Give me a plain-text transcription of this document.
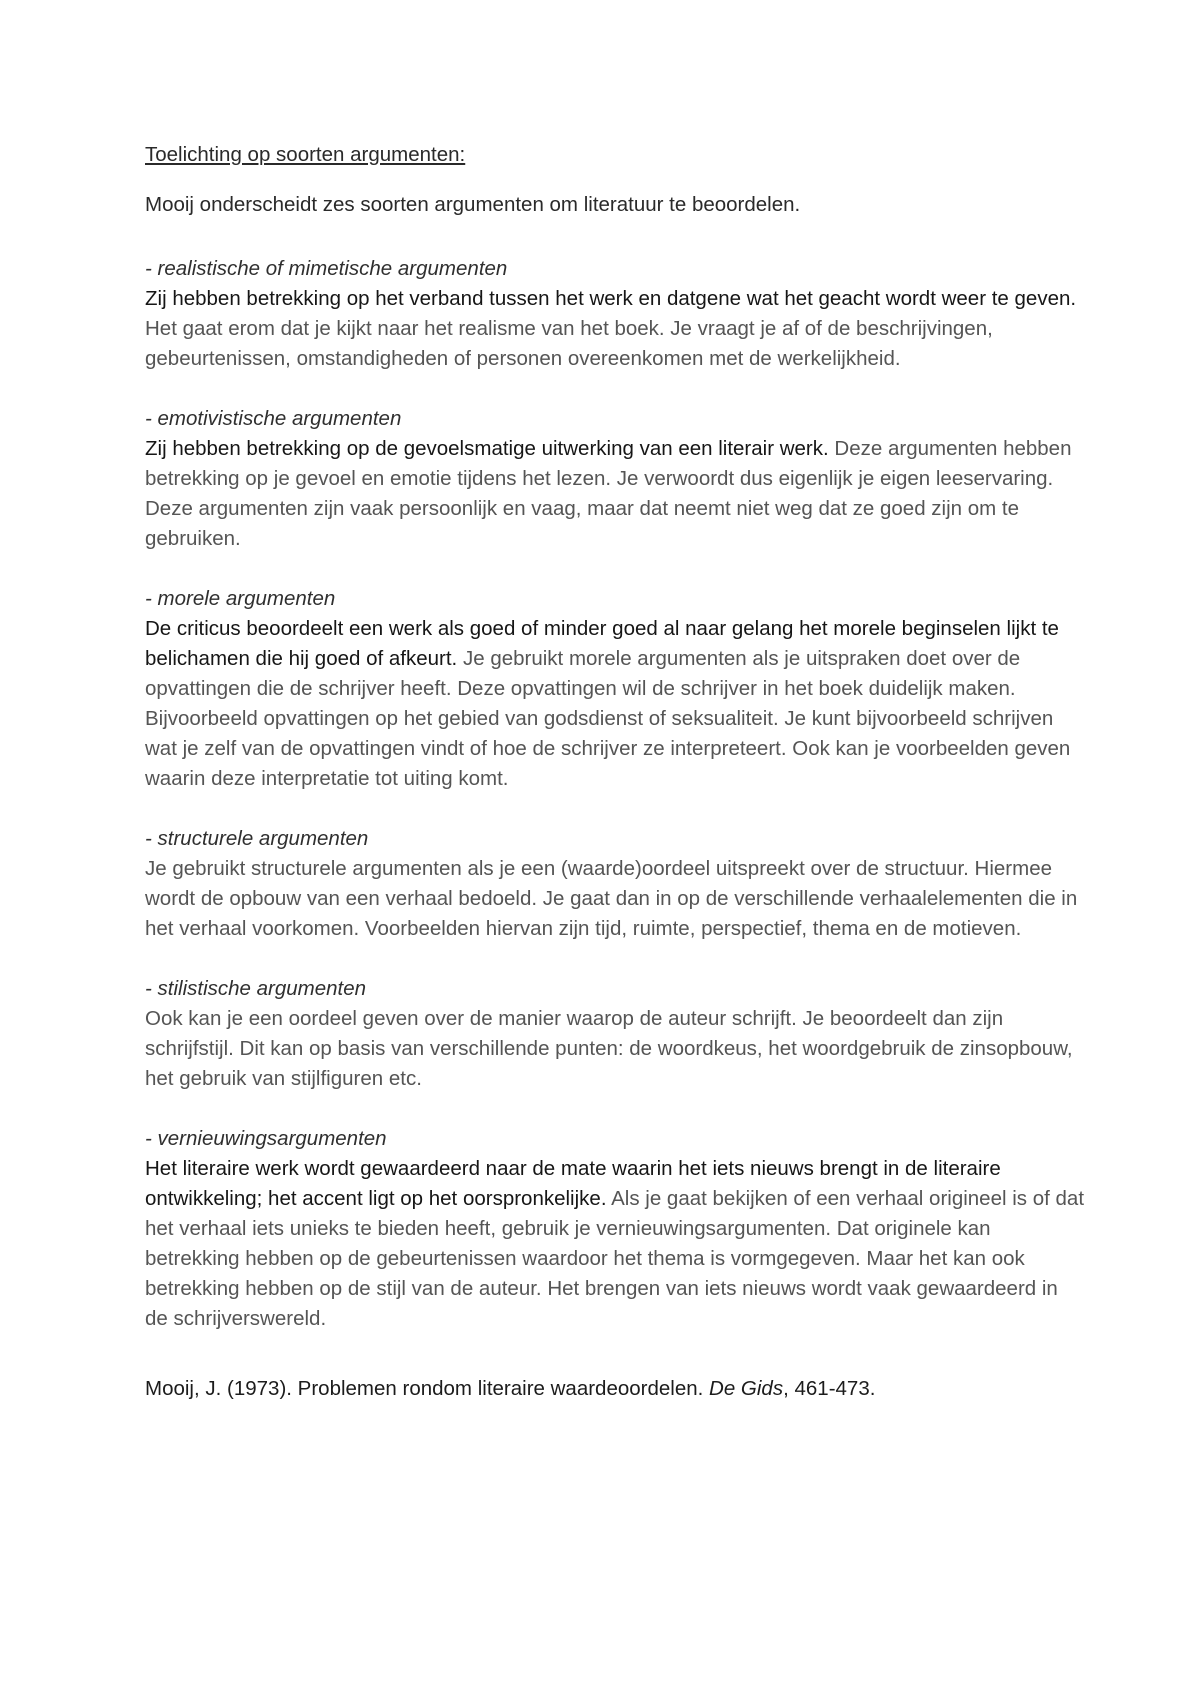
Toelichting op soorten argumenten:
Mooij onderscheidt zes soorten argumenten om literatuur te beoordelen.
- realistische of mimetische argumenten
Zij hebben betrekking op het verband tussen het werk en datgene wat het geacht wordt weer te geven. Het gaat erom dat je kijkt naar het realisme van het boek. Je vraagt je af of de beschrijvingen, gebeurtenissen, omstandigheden of personen overeenkomen met de werkelijkheid.
- emotivistische argumenten
Zij hebben betrekking op de gevoelsmatige uitwerking van een literair werk. Deze argumenten hebben betrekking op je gevoel en emotie tijdens het lezen. Je verwoordt dus eigenlijk je eigen leeservaring. Deze argumenten zijn vaak persoonlijk en vaag, maar dat neemt niet weg dat ze goed zijn om te gebruiken.
- morele argumenten
De criticus beoordeelt een werk als goed of minder goed al naar gelang het morele beginselen lijkt te belichamen die hij goed of afkeurt. Je gebruikt morele argumenten als je uitspraken doet over de opvattingen die de schrijver heeft. Deze opvattingen wil de schrijver in het boek duidelijk maken. Bijvoorbeeld opvattingen op het gebied van godsdienst of seksualiteit. Je kunt bijvoorbeeld schrijven wat je zelf van de opvattingen vindt of hoe de schrijver ze interpreteert. Ook kan je voorbeelden geven waarin deze interpretatie tot uiting komt.
- structurele argumenten
Je gebruikt structurele argumenten als je een (waarde)oordeel uitspreekt over de structuur. Hiermee wordt de opbouw van een verhaal bedoeld. Je gaat dan in op de verschillende verhaalelementen die in het verhaal voorkomen. Voorbeelden hiervan zijn tijd, ruimte, perspectief, thema en de motieven.
- stilistische argumenten
Ook kan je een oordeel geven over de manier waarop de auteur schrijft. Je beoordeelt dan zijn schrijfstijl. Dit kan op basis van verschillende punten: de woordkeus, het woordgebruik de zinsopbouw, het gebruik van stijlfiguren etc.
- vernieuwingsargumenten
Het literaire werk wordt gewaardeerd naar de mate waarin het iets nieuws brengt in de literaire ontwikkeling; het accent ligt op het oorspronkelijke. Als je gaat bekijken of een verhaal origineel is of dat het verhaal iets unieks te bieden heeft, gebruik je vernieuwingsargumenten. Dat originele kan betrekking hebben op de gebeurtenissen waardoor het thema is vormgegeven. Maar het kan ook betrekking hebben op de stijl van de auteur. Het brengen van iets nieuws wordt vaak gewaardeerd in de schrijverswereld.
Mooij, J. (1973). Problemen rondom literaire waardeoordelen. De Gids, 461-473.
